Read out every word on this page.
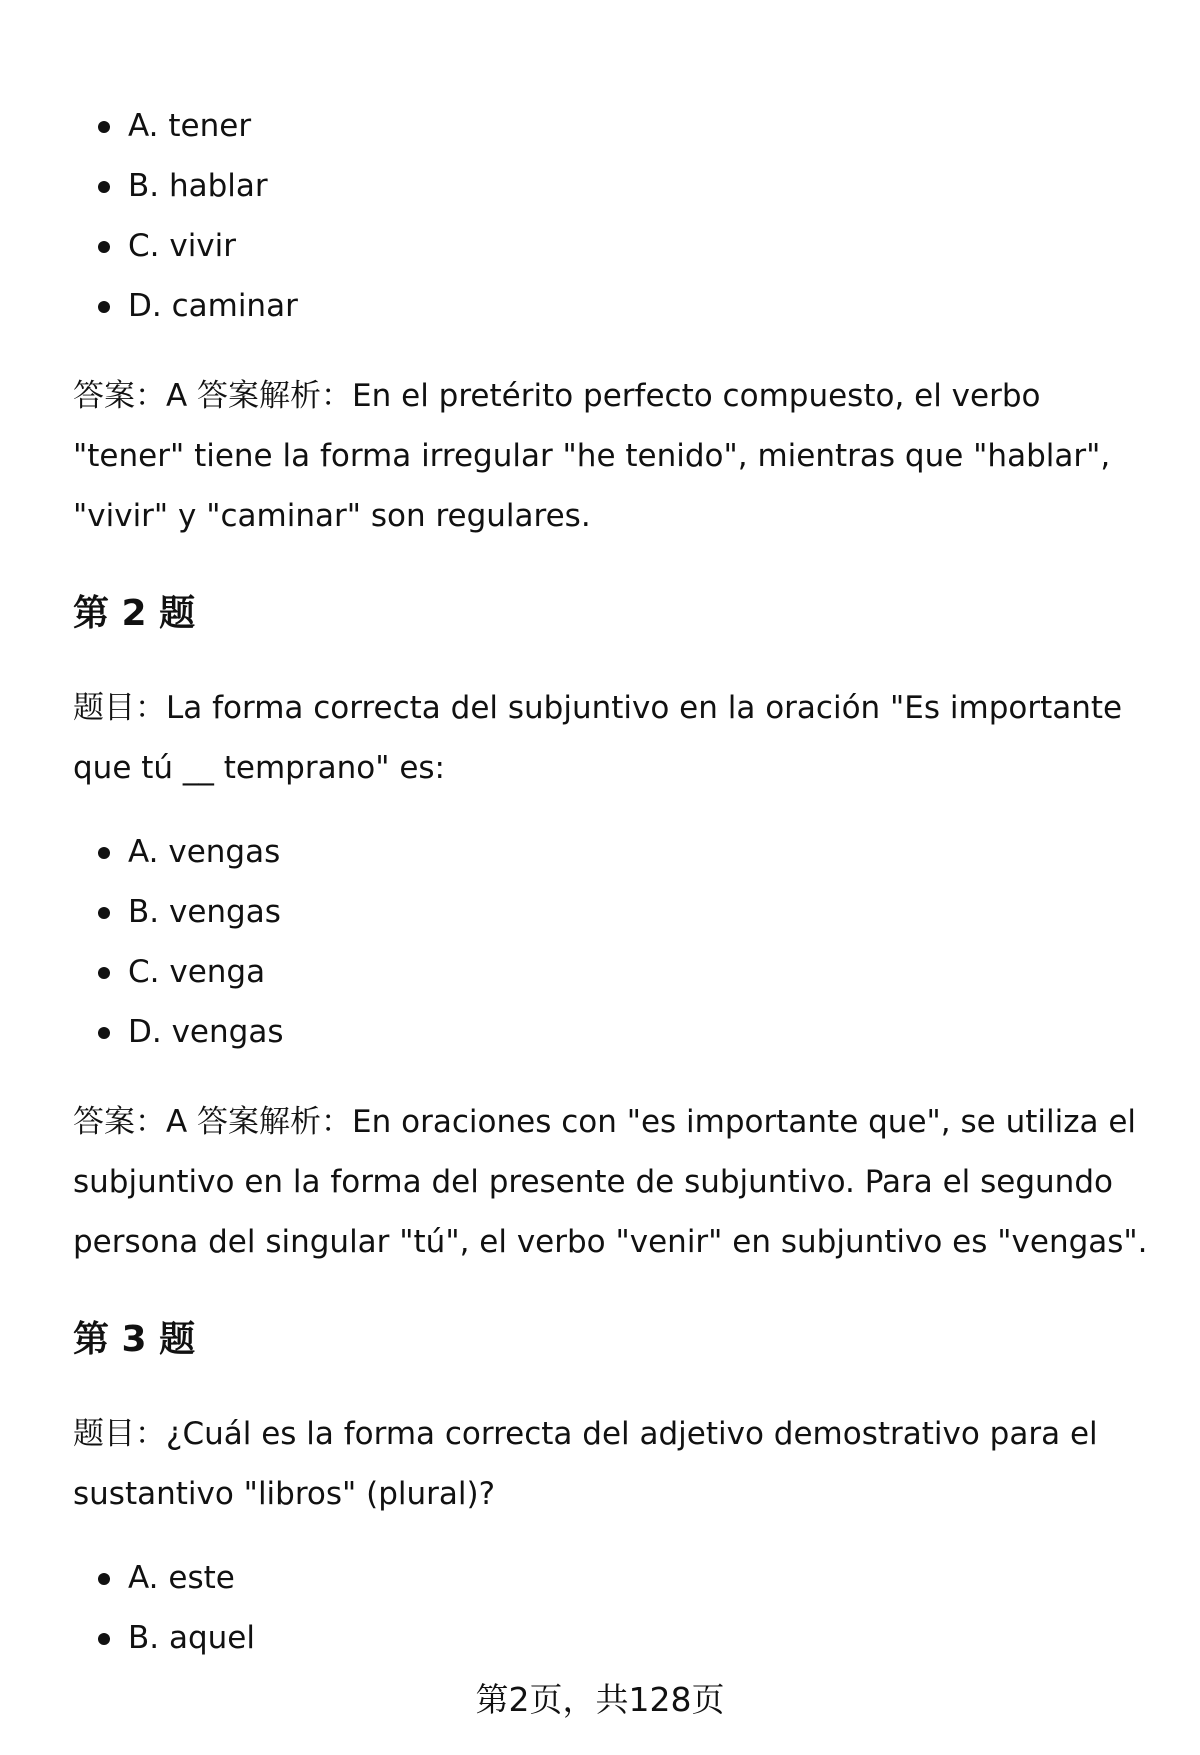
A. tener
B. hablar
C. vivir
D. caminar

答案：A 答案解析：En el pretérito perfecto compuesto, el verbo "tener" tiene la forma irregular "he tenido", mientras que "hablar", "vivir" y "caminar" son regulares.

第 2 题

题目：La forma correcta del subjuntivo en la oración "Es importante que tú __ temprano" es:

A. vengas
B. vengas
C. venga
D. vengas

答案：A 答案解析：En oraciones con "es importante que", se utiliza el subjuntivo en la forma del presente de subjuntivo. Para el segundo persona del singular "tú", el verbo "venir" en subjuntivo es "vengas".

第 3 题

题目：¿Cuál es la forma correcta del adjetivo demostrativo para el sustantivo "libros" (plural)?

A. este
B. aquel
第2页，共128页
